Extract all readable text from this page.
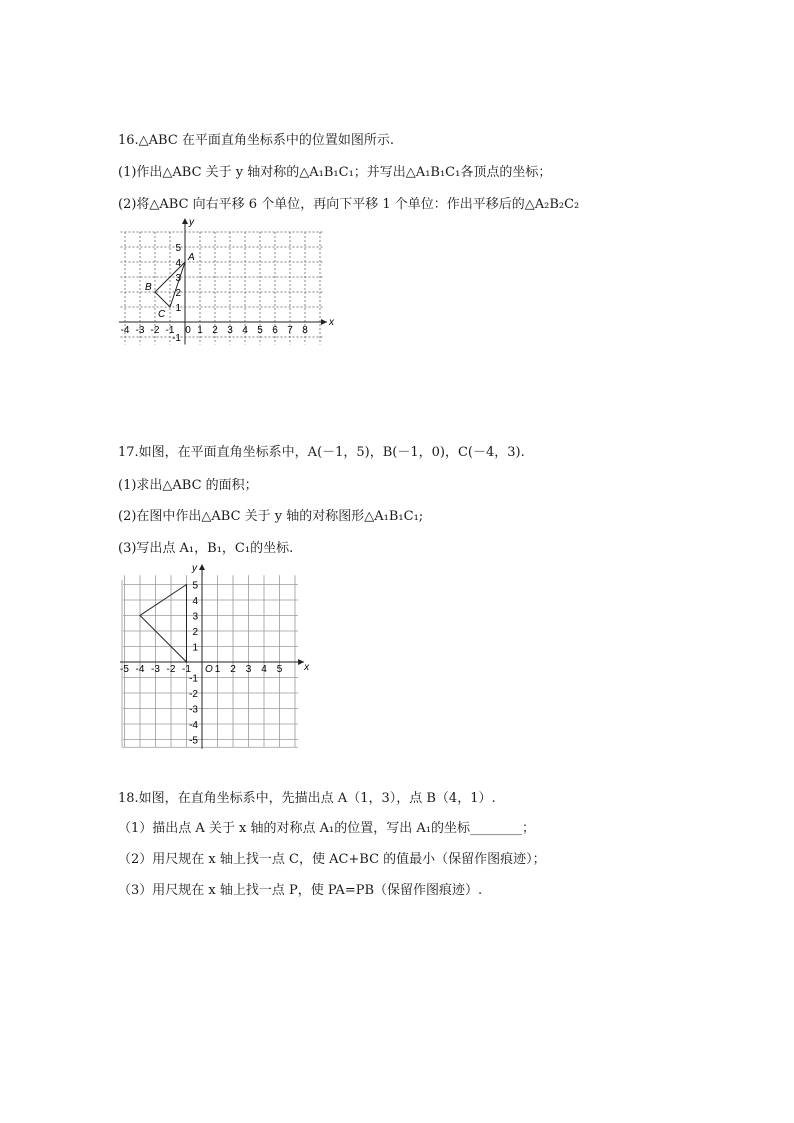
16.△ABC 在平面直角坐标系中的位置如图所示.
(1)作出△ABC 关于 y 轴对称的△A₁B₁C₁；并写出△A₁B₁C₁各顶点的坐标；
(2)将△ABC 向右平移 6 个单位，再向下平移 1 个单位：作出平移后的△A₂B₂C₂
x
y
-4 -3 -2 -1 0 1 2 3 4 5 6 7 8
5
4
3
2
1
-1
A
B
C
17.如图，在平面直角坐标系中，A(－1，5)，B(－1，0)，C(－4，3).
(1)求出△ABC 的面积；
(2)在图中作出△ABC 关于 y 轴的对称图形△A₁B₁C₁;
(3)写出点 A₁，B₁，C₁的坐标.
x
y
O
-5 -4 -3 -2 -1 1 2 3 4 5
5
4
3
2
1
-1
-2
-3
-4
-5
18.如图，在直角坐标系中，先描出点 A（1，3），点 B（4，1）.
（1）描出点 A 关于 x 轴的对称点 A₁的位置，写出 A₁的坐标________；
（2）用尺规在 x 轴上找一点 C，使 AC+BC 的值最小（保留作图痕迹）；
（3）用尺规在 x 轴上找一点 P，使 PA=PB（保留作图痕迹）.
